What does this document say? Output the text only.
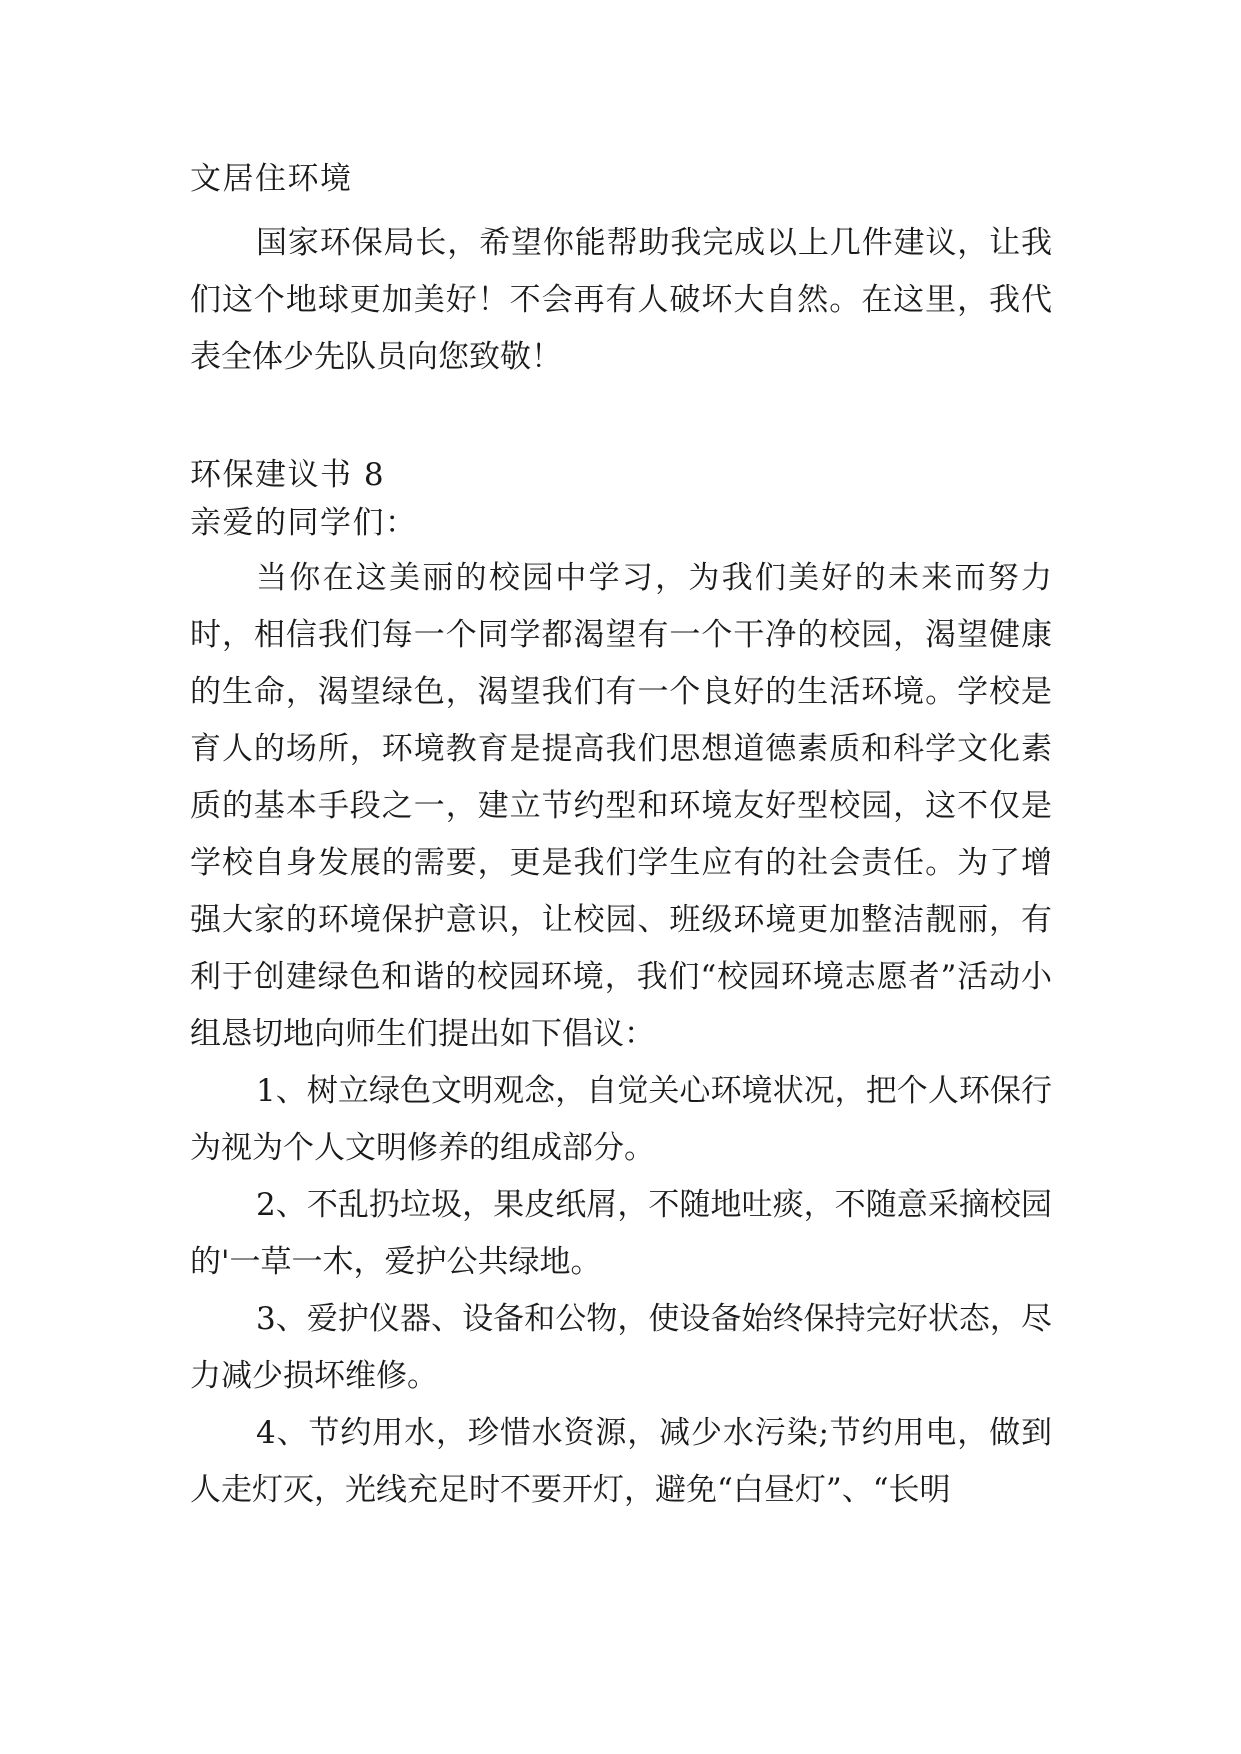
文居住环境

国家环保局长，希望你能帮助我完成以上几件建议，让我们这个地球更加美好！不会再有人破坏大自然。在这里，我代表全体少先队员向您致敬！

环保建议书 8

亲爱的同学们：

当你在这美丽的校园中学习，为我们美好的未来而努力时，相信我们每一个同学都渴望有一个干净的校园，渴望健康的生命，渴望绿色，渴望我们有一个良好的生活环境。学校是育人的场所，环境教育是提高我们思想道德素质和科学文化素质的基本手段之一，建立节约型和环境友好型校园，这不仅是学校自身发展的需要，更是我们学生应有的社会责任。为了增强大家的环境保护意识，让校园、班级环境更加整洁靓丽，有利于创建绿色和谐的校园环境，我们“校园环境志愿者”活动小组恳切地向师生们提出如下倡议：

1、树立绿色文明观念，自觉关心环境状况，把个人环保行为视为个人文明修养的组成部分。

2、不乱扔垃圾，果皮纸屑，不随地吐痰，不随意采摘校园的'一草一木，爱护公共绿地。

3、爱护仪器、设备和公物，使设备始终保持完好状态，尽力减少损坏维修。

4、节约用水，珍惜水资源，减少水污染;节约用电，做到人走灯灭，光线充足时不要开灯，避免“白昼灯”、“长明
